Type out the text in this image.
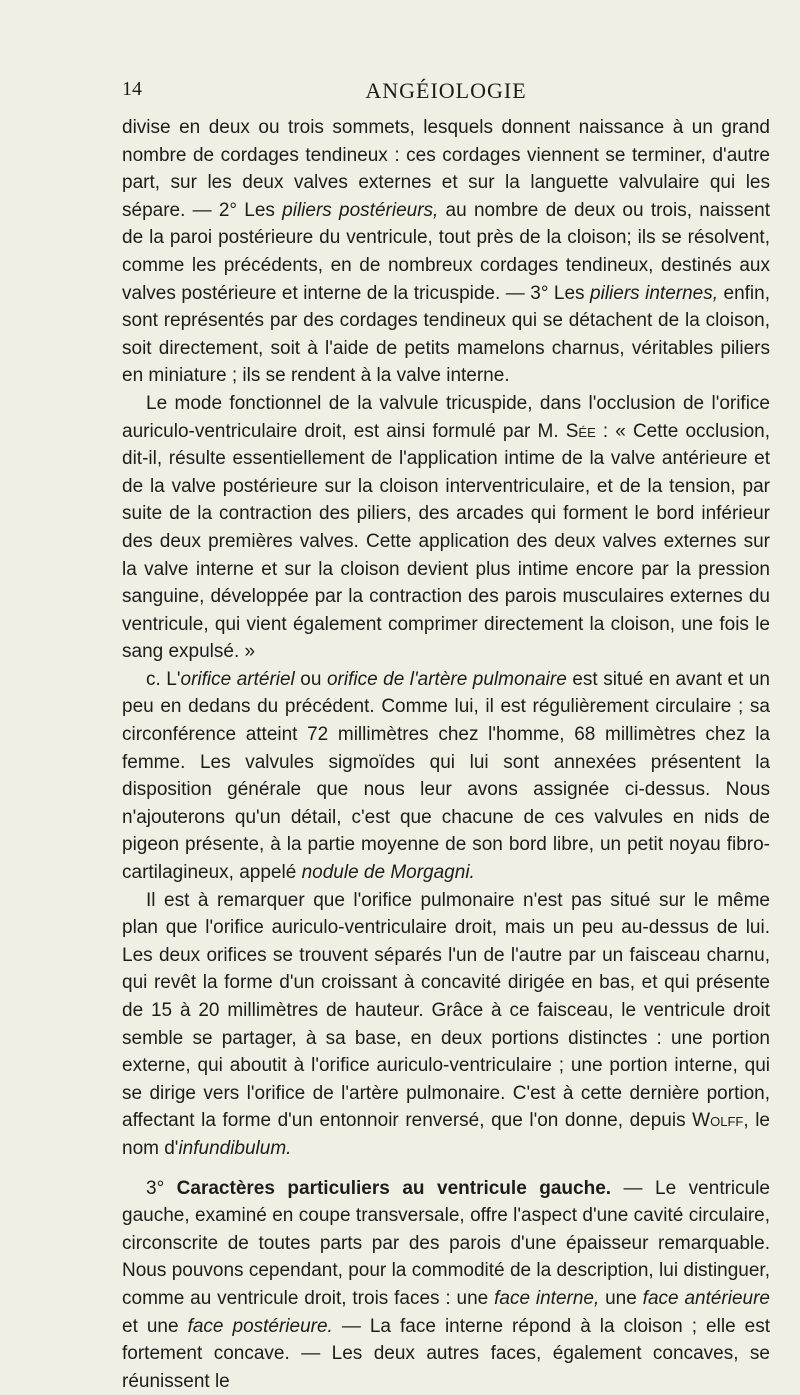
14	ANGÉIOLOGIE

divise en deux ou trois sommets, lesquels donnent naissance à un grand nombre de cordages tendineux : ces cordages viennent se terminer, d'autre part, sur les deux valves externes et sur la languette valvulaire qui les sépare. — 2° Les piliers postérieurs, au nombre de deux ou trois, naissent de la paroi postérieure du ventricule, tout près de la cloison; ils se résolvent, comme les précédents, en de nombreux cordages tendineux, destinés aux valves postérieure et interne de la tricuspide. — 3° Les piliers internes, enfin, sont représentés par des cordages tendineux qui se détachent de la cloison, soit directement, soit à l'aide de petits mamelons charnus, véritables piliers en miniature ; ils se rendent à la valve interne.

Le mode fonctionnel de la valvule tricuspide, dans l'occlusion de l'orifice auriculo-ventriculaire droit, est ainsi formulé par M. Sée : « Cette occlusion, dit-il, résulte essentiellement de l'application intime de la valve antérieure et de la valve postérieure sur la cloison interventriculaire, et de la tension, par suite de la contraction des piliers, des arcades qui forment le bord inférieur des deux premières valves. Cette application des deux valves externes sur la valve interne et sur la cloison devient plus intime encore par la pression sanguine, développée par la contraction des parois musculaires externes du ventricule, qui vient également comprimer directement la cloison, une fois le sang expulsé. »

c. L'orifice artériel ou orifice de l'artère pulmonaire est situé en avant et un peu en dedans du précédent. Comme lui, il est régulièrement circulaire ; sa circonférence atteint 72 millimètres chez l'homme, 68 millimètres chez la femme. Les valvules sigmoïdes qui lui sont annexées présentent la disposition générale que nous leur avons assignée ci-dessus. Nous n'ajouterons qu'un détail, c'est que chacune de ces valvules en nids de pigeon présente, à la partie moyenne de son bord libre, un petit noyau fibro-cartilagineux, appelé nodule de Morgagni.

Il est à remarquer que l'orifice pulmonaire n'est pas situé sur le même plan que l'orifice auriculo-ventriculaire droit, mais un peu au-dessus de lui. Les deux orifices se trouvent séparés l'un de l'autre par un faisceau charnu, qui revêt la forme d'un croissant à concavité dirigée en bas, et qui présente de 15 à 20 millimètres de hauteur. Grâce à ce faisceau, le ventricule droit semble se partager, à sa base, en deux portions distinctes : une portion externe, qui aboutit à l'orifice auriculo-ventriculaire ; une portion interne, qui se dirige vers l'orifice de l'artère pulmonaire. C'est à cette dernière portion, affectant la forme d'un entonnoir renversé, que l'on donne, depuis Wolff, le nom d'infundibulum.

3° Caractères particuliers au ventricule gauche. — Le ventricule gauche, examiné en coupe transversale, offre l'aspect d'une cavité circulaire, circonscrite de toutes parts par des parois d'une épaisseur remarquable. Nous pouvons cependant, pour la commodité de la description, lui distinguer, comme au ventricule droit, trois faces : une face interne, une face antérieure et une face postérieure. — La face interne répond à la cloison ; elle est fortement concave. — Les deux autres faces, également concaves, se réunissent le
